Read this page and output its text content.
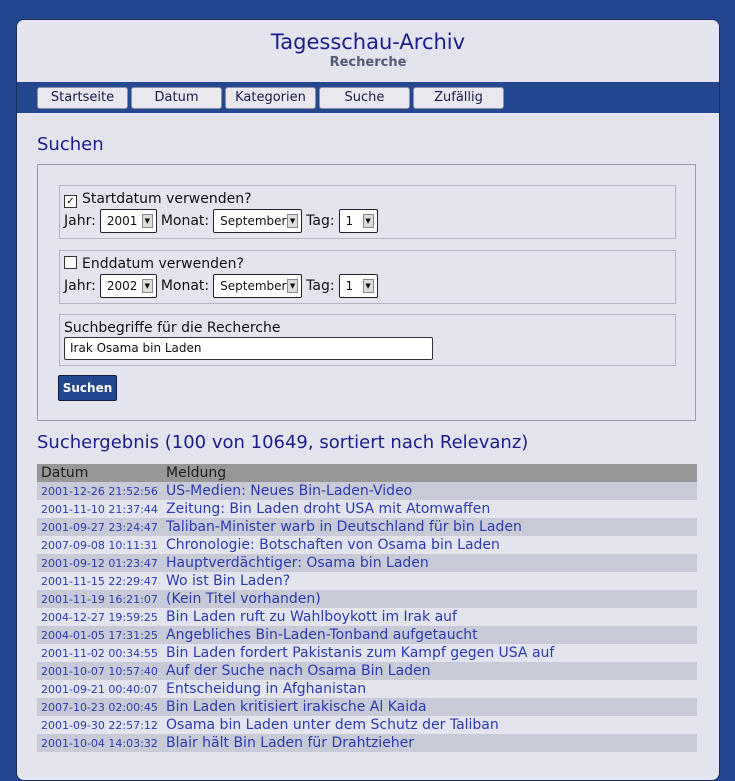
Tagesschau-Archiv
Recherche
Startseite	Datum	Kategorien	Suche	Zufällig
Suchen
✓ Startdatum verwenden?
Jahr: 2001	▼ Monat: September ▼ Tag: 1	▼
Enddatum verwenden?
Jahr: 2002	▼ Monat: September ▼ Tag: 1	▼
Suchbegriffe für die Recherche
Irak Osama bin Laden
Suchen
Suchergebnis (100 von 10649, sortiert nach Relevanz)
Datum	Meldung
2001-12-26 21:52:56	US-Medien: Neues Bin-Laden-Video
2001-11-10 21:37:44	Zeitung: Bin Laden droht USA mit Atomwaffen
2001-09-27 23:24:47	Taliban-Minister warb in Deutschland für bin Laden
2007-09-08 10:11:31	Chronologie: Botschaften von Osama bin Laden
2001-09-12 01:23:47	Hauptverdächtiger: Osama bin Laden
2001-11-15 22:29:47	Wo ist Bin Laden?
2001-11-19 16:21:07	(Kein Titel vorhanden)
2004-12-27 19:59:25	Bin Laden ruft zu Wahlboykott im Irak auf
2004-01-05 17:31:25	Angebliches Bin-Laden-Tonband aufgetaucht
2001-11-02 00:34:55	Bin Laden fordert Pakistanis zum Kampf gegen USA auf
2001-10-07 10:57:40	Auf der Suche nach Osama Bin Laden
2001-09-21 00:40:07	Entscheidung in Afghanistan
2007-10-23 02:00:45	Bin Laden kritisiert irakische Al Kaida
2001-09-30 22:57:12	Osama bin Laden unter dem Schutz der Taliban
2001-10-04 14:03:32	Blair hält Bin Laden für Drahtzieher
